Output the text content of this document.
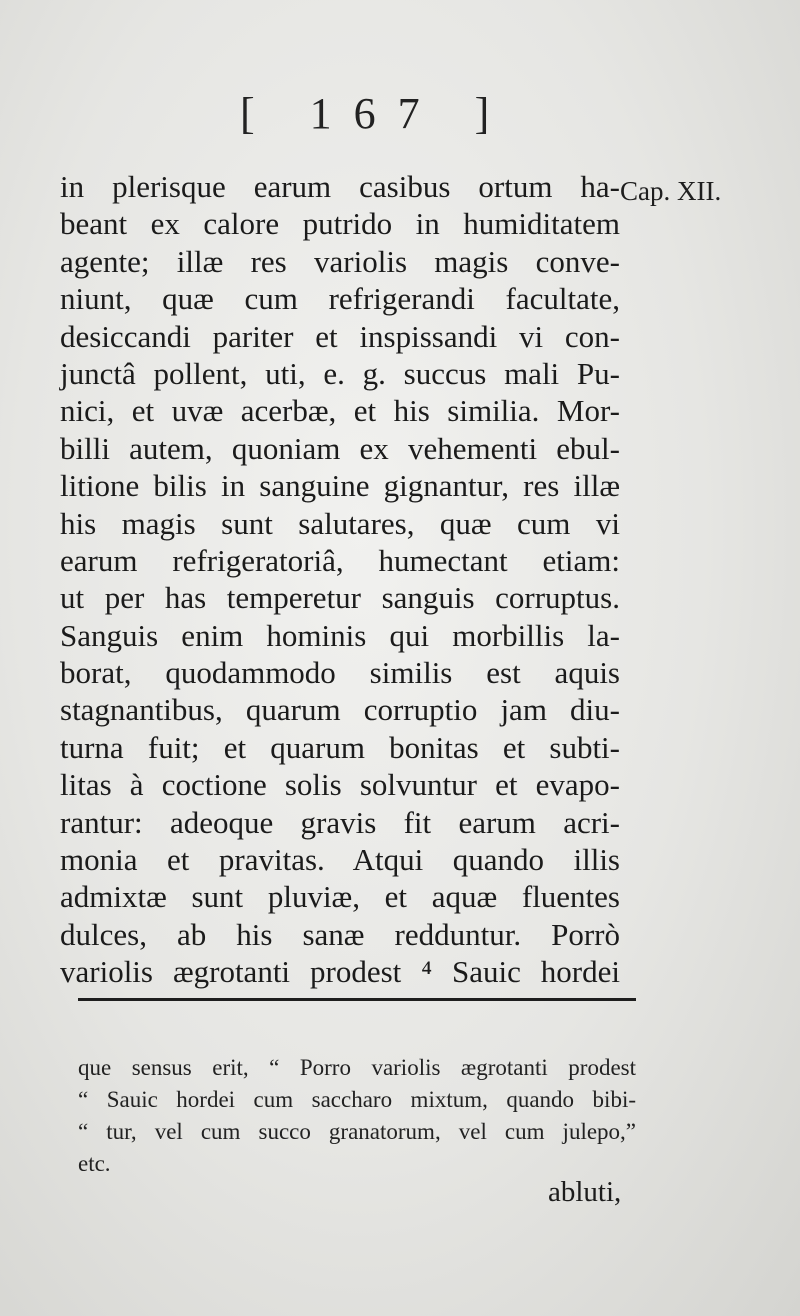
[ 167 ]
Cap. XII.
in plerisque earum casibus ortum ha-
beant ex calore putrido in humiditatem
agente; illæ res variolis magis conve-
niunt, quæ cum refrigerandi facultate,
desiccandi pariter et inspissandi vi con-
junctâ pollent, uti, e. g. succus mali Pu-
nici, et uvæ acerbæ, et his similia. Mor-
billi autem, quoniam ex vehementi ebul-
litione bilis in sanguine gignantur, res illæ
his magis sunt salutares, quæ cum vi
earum refrigeratoriâ, humectant etiam:
ut per has temperetur sanguis corruptus.
Sanguis enim hominis qui morbillis la-
borat, quodammodo similis est aquis
stagnantibus, quarum corruptio jam diu-
turna fuit; et quarum bonitas et subti-
litas à coctione solis solvuntur et evapo-
rantur: adeoque gravis fit earum acri-
monia et pravitas. Atqui quando illis
admixtæ sunt pluviæ, et aquæ fluentes
dulces, ab his sanæ redduntur. Porrò
variolis ægrotanti prodest ⁴ Sauic hordei
que sensus erit, “ Porro variolis ægrotanti prodest
“ Sauic hordei cum saccharo mixtum, quando bibi-
“ tur, vel cum succo granatorum, vel cum julepo,”
etc.
abluti,
